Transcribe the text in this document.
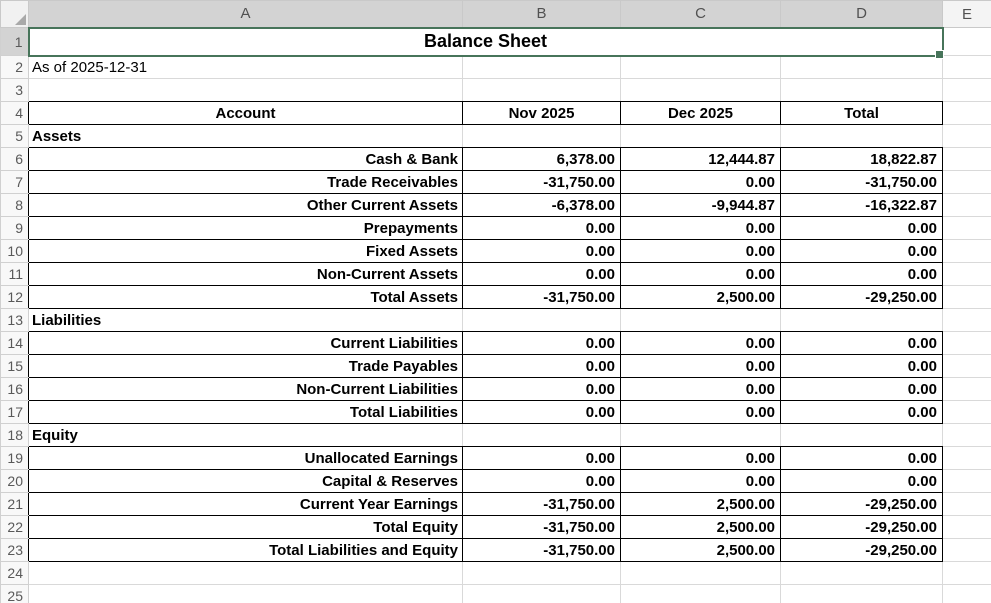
	A	B	C	D	E
1	Balance Sheet				
2	As of 2025-12-31				
3					
4	Account	Nov 2025	Dec 2025	Total	
5	Assets				
6	Cash & Bank	6,378.00	12,444.87	18,822.87	
7	Trade Receivables	-31,750.00	0.00	-31,750.00	
8	Other Current Assets	-6,378.00	-9,944.87	-16,322.87	
9	Prepayments	0.00	0.00	0.00	
10	Fixed Assets	0.00	0.00	0.00	
11	Non-Current Assets	0.00	0.00	0.00	
12	Total Assets	-31,750.00	2,500.00	-29,250.00	
13	Liabilities				
14	Current Liabilities	0.00	0.00	0.00	
15	Trade Payables	0.00	0.00	0.00	
16	Non-Current Liabilities	0.00	0.00	0.00	
17	Total Liabilities	0.00	0.00	0.00	
18	Equity				
19	Unallocated Earnings	0.00	0.00	0.00	
20	Capital & Reserves	0.00	0.00	0.00	
21	Current Year Earnings	-31,750.00	2,500.00	-29,250.00	
22	Total Equity	-31,750.00	2,500.00	-29,250.00	
23	Total Liabilities and Equity	-31,750.00	2,500.00	-29,250.00	
24					
25					
